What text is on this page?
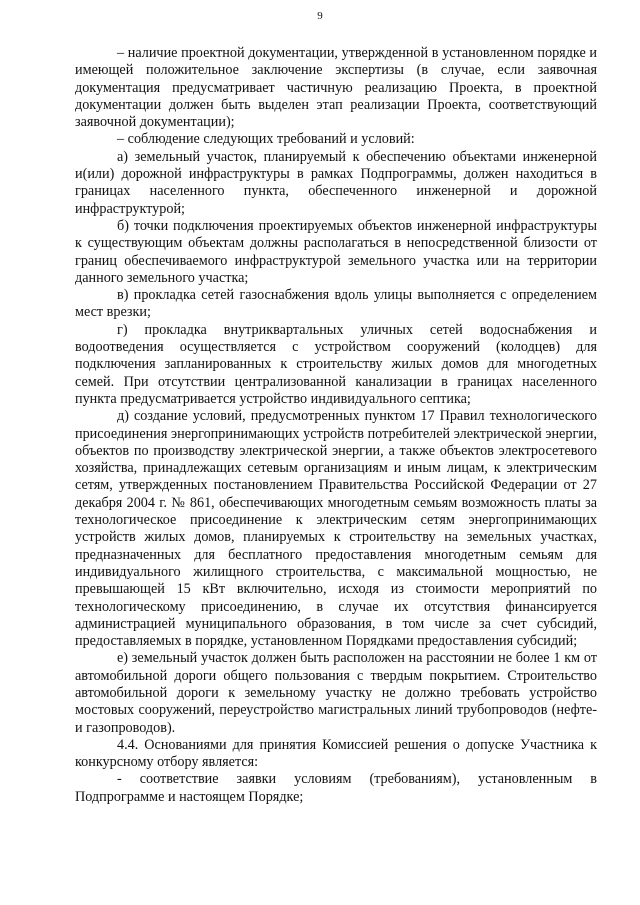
9

– наличие проектной документации, утвержденной в установленном порядке и имеющей положительное заключение экспертизы (в случае, если заявочная документация предусматривает частичную реализацию Проекта, в проектной документации должен быть выделен этап реализации Проекта, соответствующий заявочной документации);

– соблюдение следующих требований и условий:

а) земельный участок, планируемый к обеспечению объектами инженерной и(или) дорожной инфраструктуры в рамках Подпрограммы, должен находиться в границах населенного пункта, обеспеченного инженерной и дорожной инфраструктурой;

б) точки подключения проектируемых объектов инженерной инфраструктуры к существующим объектам должны располагаться в непосредственной близости от границ обеспечиваемого инфраструктурой земельного участка или на территории данного земельного участка;

в) прокладка сетей газоснабжения вдоль улицы выполняется с определением мест врезки;

г) прокладка внутриквартальных уличных сетей водоснабжения и водоотведения осуществляется с устройством сооружений (колодцев) для подключения запланированных к строительству жилых домов для многодетных семей. При отсутствии централизованной канализации в границах населенного пункта предусматривается устройство индивидуального септика;

д) создание условий, предусмотренных пунктом 17 Правил технологического присоединения энергопринимающих устройств потребителей электрической энергии, объектов по производству электрической энергии, а также объектов электросетевого хозяйства, принадлежащих сетевым организациям и иным лицам, к электрическим сетям, утвержденных постановлением Правительства Российской Федерации от 27 декабря 2004 г. № 861, обеспечивающих многодетным семьям возможность платы за технологическое присоединение к электрическим сетям энергопринимающих устройств жилых домов, планируемых к строительству на земельных участках, предназначенных для бесплатного предоставления многодетным семьям для индивидуального жилищного строительства, с максимальной мощностью, не превышающей 15 кВт включительно, исходя из стоимости мероприятий по технологическому присоединению, в случае их отсутствия финансируется администрацией муниципального образования, в том числе за счет субсидий, предоставляемых в порядке, установленном Порядками предоставления субсидий;

е) земельный участок должен быть расположен на расстоянии не более 1 км от автомобильной дороги общего пользования с твердым покрытием. Строительство автомобильной дороги к земельному участку не должно требовать устройство мостовых сооружений, переустройство магистральных линий трубопроводов (нефте- и газопроводов).

4.4. Основаниями для принятия Комиссией решения о допуске Участника к конкурсному отбору является:

- соответствие заявки условиям (требованиям), установленным в Подпрограмме и настоящем Порядке;
